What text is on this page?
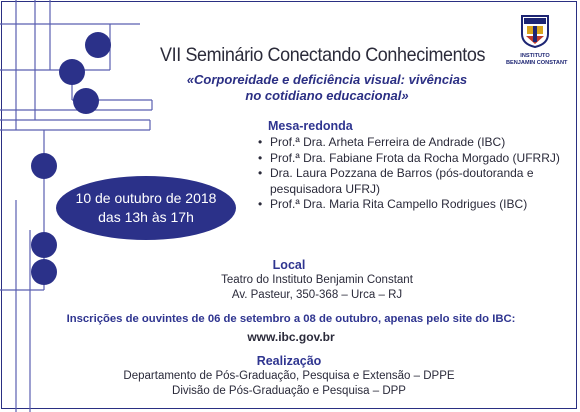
INSTITUTO
BENJAMIN CONSTANT
VII Seminário Conectando Conhecimentos
«Corporeidade e deficiência visual: vivências
no cotidiano educacional»
Mesa-redonda
• Prof.ª Dra. Arheta Ferreira de Andrade (IBC)
• Prof.ª Dra. Fabiane Frota da Rocha Morgado (UFRRJ)
• Dra. Laura Pozzana de Barros (pós-doutoranda e pesquisadora UFRJ)
• Prof.ª Dra. Maria Rita Campello Rodrigues (IBC)
10 de outubro de 2018
das 13h às 17h
Local
Teatro do Instituto Benjamin Constant
Av. Pasteur, 350-368 – Urca – RJ
Inscrições de ouvintes de 06 de setembro a 08 de outubro, apenas pelo site do IBC:
www.ibc.gov.br
Realização
Departamento de Pós-Graduação, Pesquisa e Extensão – DPPE
Divisão de Pós-Graduação e Pesquisa – DPP
